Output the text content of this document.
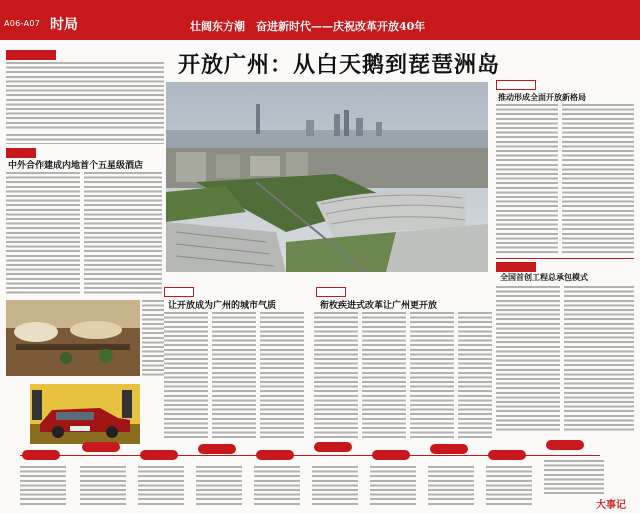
A06-A07 时局	壮阔东方潮　奋进新时代——庆祝改革开放40年
开放广州：从白天鹅到琵琶洲岛
中外合作建成内地首个五星级酒店
让开放成为广州的城市气质	衔枚疾进式改革让广州更开放
推动形成全面开放新格局
全国首创工程总承包模式
大事记
